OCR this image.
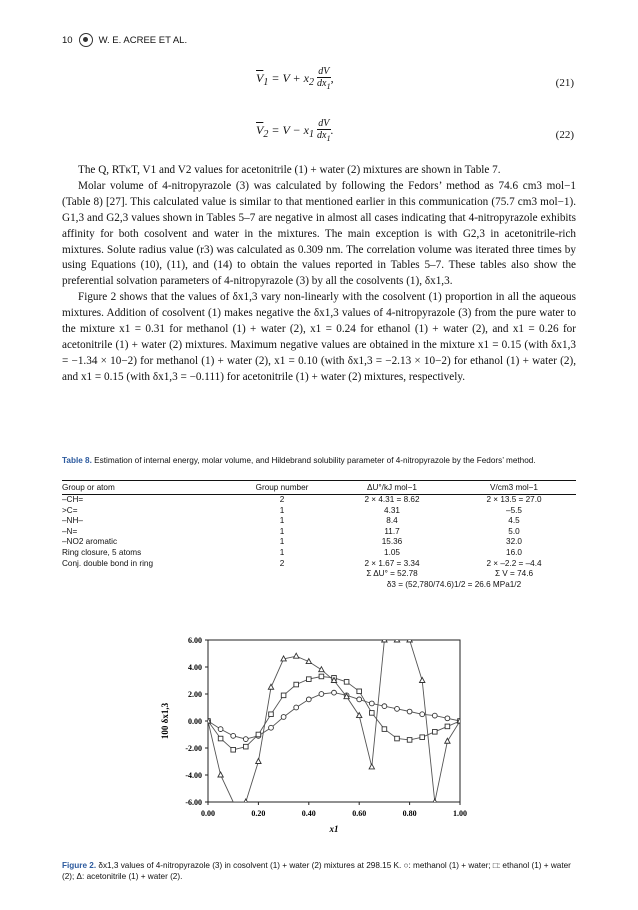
10	W. E. ACREE ET AL.
$\overline{V}_1 = V + x_2 \frac{dV}{dx_1}$ ,	(21)
$\overline{V}_2 = V - x_1 \frac{dV}{dx_1}$ .	(22)

The Q, RTκT, V1 and V2 values for acetonitrile (1) + water (2) mixtures are shown in Table 7.

Molar volume of 4-nitropyrazole (3) was calculated by following the Fedors’ method as 74.6 cm3 mol−1 (Table 8) [27]. This calculated value is similar to that mentioned earlier in this communication (75.7 cm3 mol−1). G1,3 and G2,3 values shown in Tables 5–7 are negative in almost all cases indicating that 4-nitropyrazole exhibits affinity for both cosolvent and water in the mixtures. The main exception is with G2,3 in acetonitrile-rich mixtures. Solute radius value (r3) was calculated as 0.309 nm. The correlation volume was iterated three times by using Equations (10), (11), and (14) to obtain the values reported in Tables 5–7. These tables also show the preferential solvation parameters of 4-nitropyrazole (3) by all the cosolvents (1), δx1,3.

Figure 2 shows that the values of δx1,3 vary non-linearly with the cosolvent (1) proportion in all the aqueous mixtures. Addition of cosolvent (1) makes negative the δx1,3 values of 4-nitropyrazole (3) from the pure water to the mixture x1 = 0.31 for methanol (1) + water (2), x1 = 0.24 for ethanol (1) + water (2), and x1 = 0.26 for acetonitrile (1) + water (2) mixtures. Maximum negative values are obtained in the mixture x1 = 0.15 (with δx1,3 = −1.34 × 10−2) for methanol (1) + water (2), x1 = 0.10 (with δx1,3 = −2.13 × 10−2) for ethanol (1) + water (2), and x1 = 0.15 (with δx1,3 = −0.111) for acetonitrile (1) + water (2) mixtures, respectively.

Table 8. Estimation of internal energy, molar volume, and Hildebrand solubility parameter of 4-nitropyrazole by the Fedors’ method.
Group or atom	Group number	ΔU°/kJ mol−1	V/cm3 mol−1
–CH=	2	2 × 4.31 = 8.62	2 × 13.5 = 27.0
>C=	1	4.31	–5.5
–NH–	1	8.4	4.5
–N=	1	11.7	5.0
–NO2 aromatic	1	15.36	32.0
Ring closure, 5 atoms	1	1.05	16.0
Conj. double bond in ring	2	2 × 1.67 = 3.34	2 × –2.2 = –4.4
		Σ ΔU° = 52.78	Σ V = 74.6
		δ3 = (52,780/74.6)1/2 = 26.6 MPa1/2	
6.00
4.00
2.00
0.00
-2.00
-4.00
-6.00
0.00	0.20	0.40	0.60	0.80	1.00
x1
100 δx1,3
Figure 2. δx1,3 values of 4-nitropyrazole (3) in cosolvent (1) + water (2) mixtures at 298.15 K. ○: methanol (1) + water; □: ethanol (1) + water (2); Δ: acetonitrile (1) + water (2).
